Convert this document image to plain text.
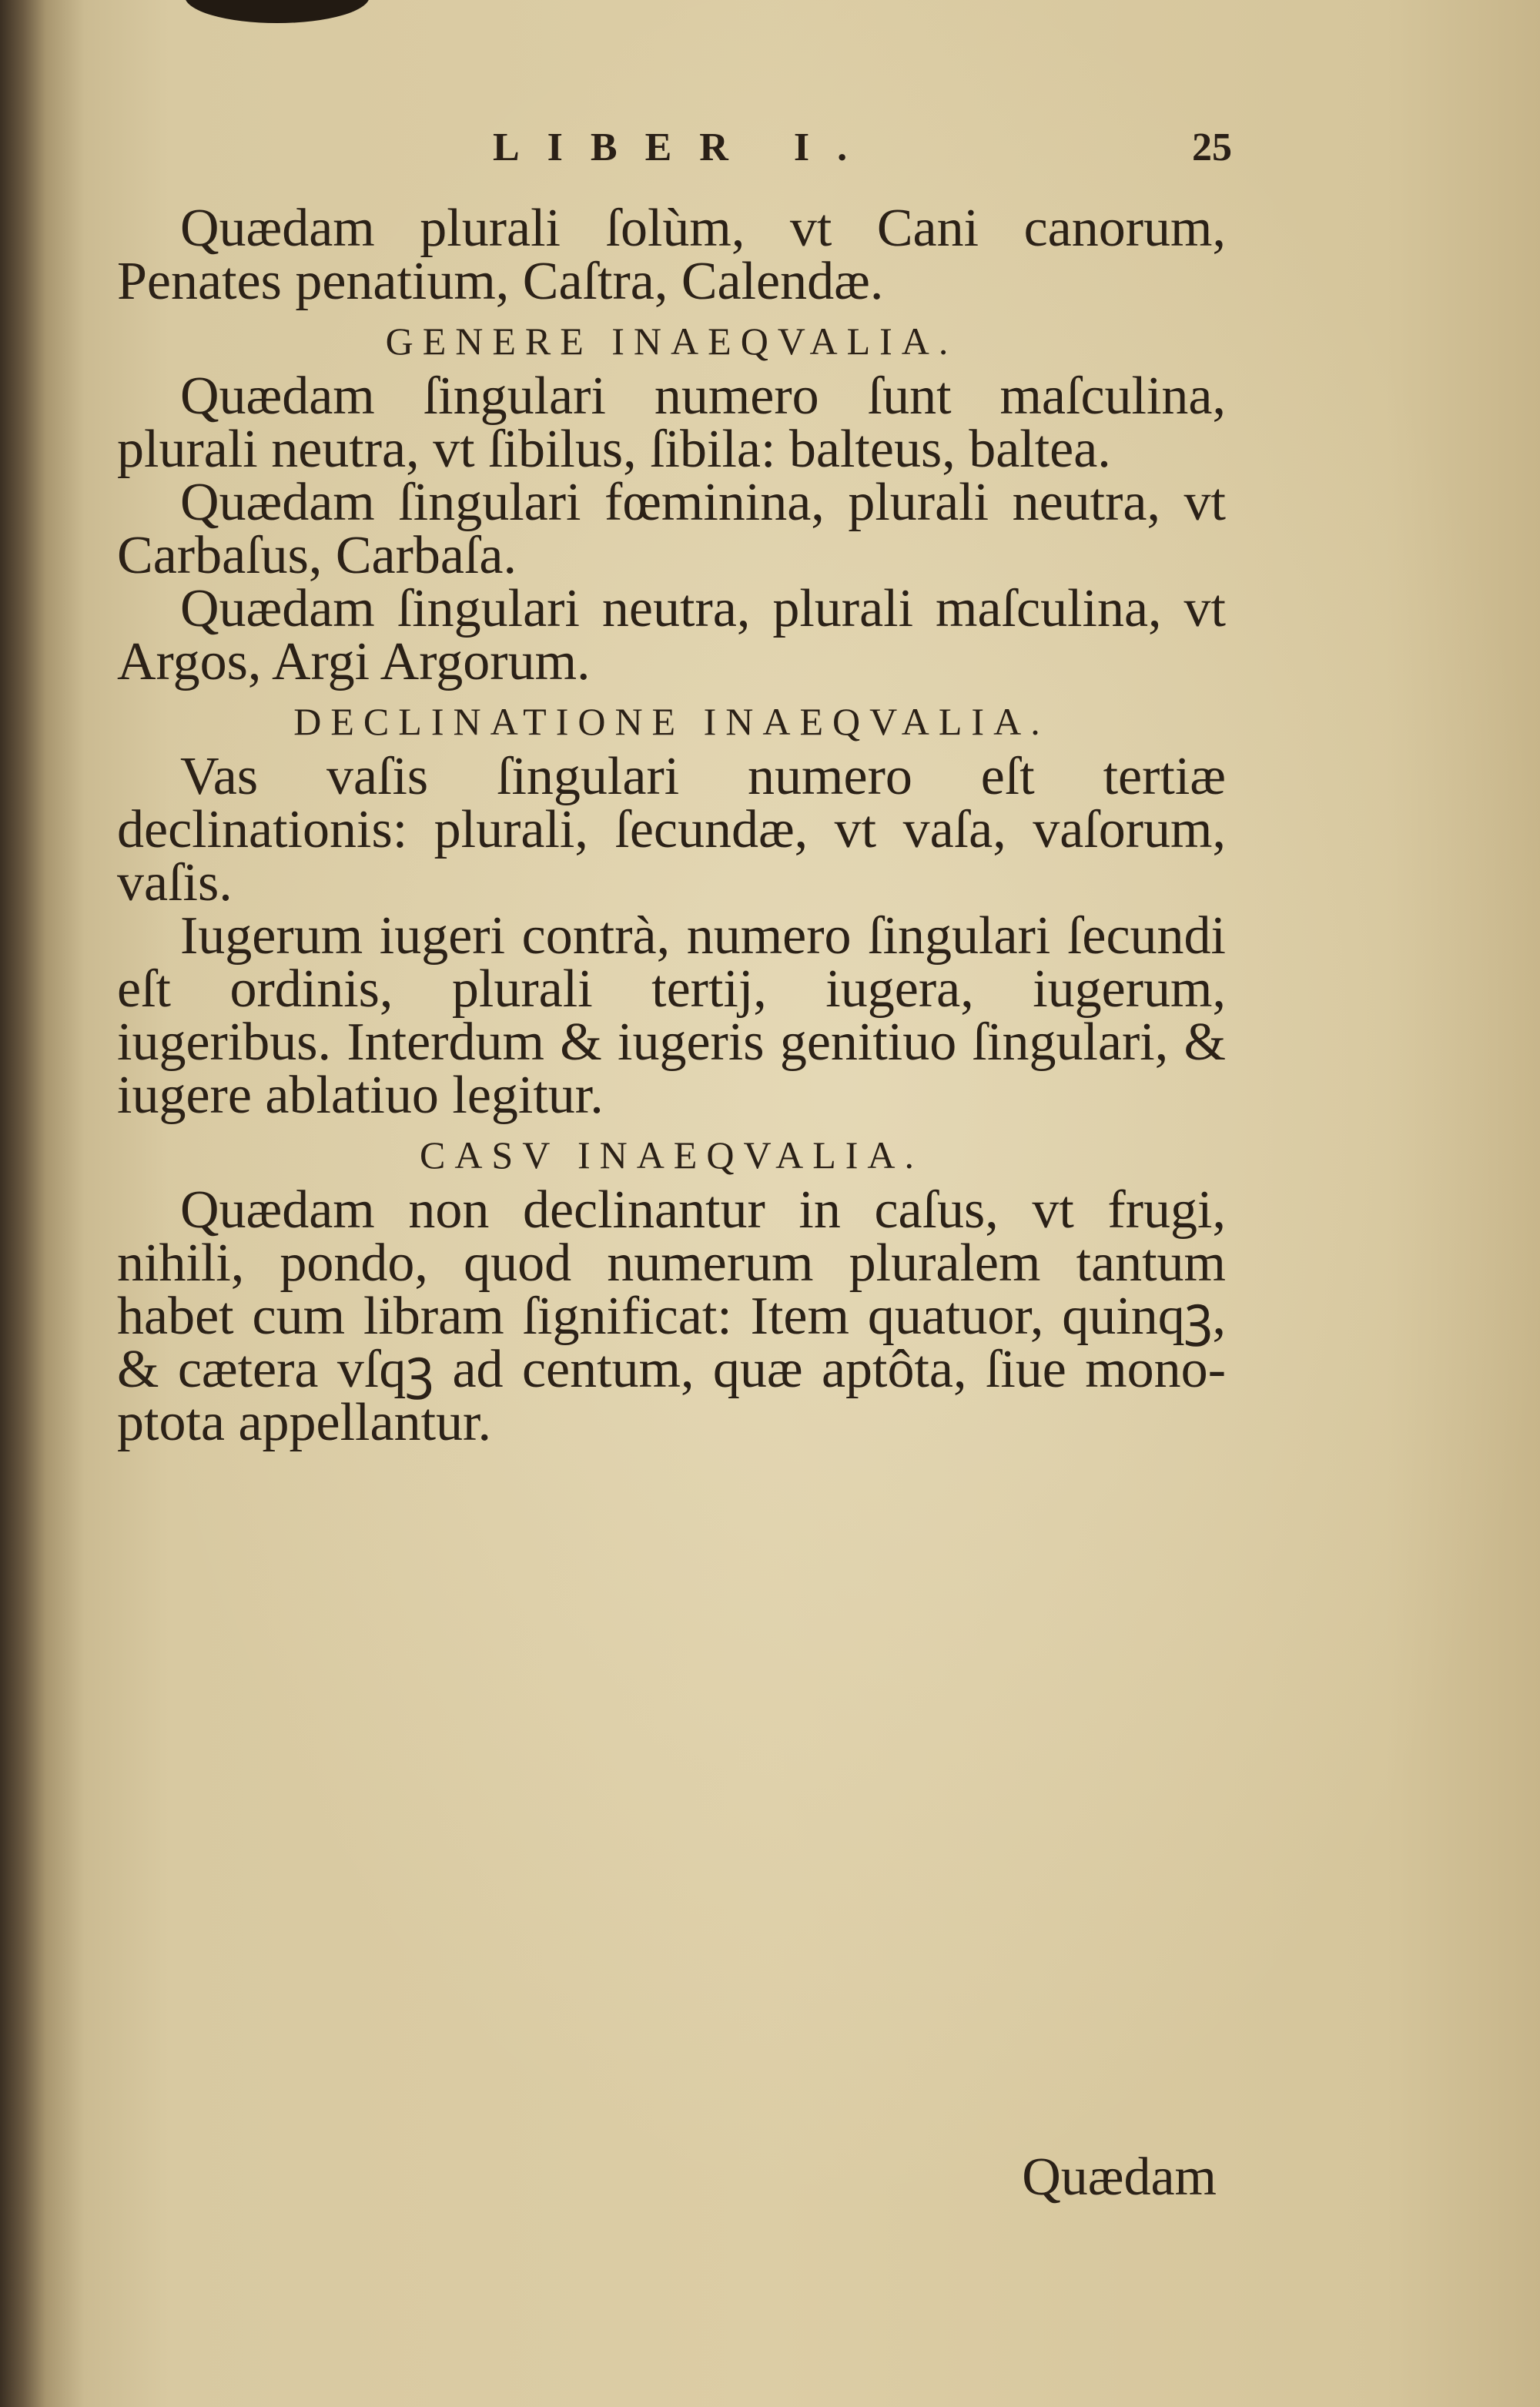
LIBER I.	25

Quædam plurali ſolùm, vt Cani canorum, Penates penatium, Caſtra, Calendæ.

GENERE INAEQVALIA.

Quædam ſingulari numero ſunt maſculina, plurali neutra, vt ſibilus, ſibila: balteus, baltea.

Quædam ſingulari fœminina, plurali neutra, vt Carbaſus, Carbaſa.

Quædam ſingulari neutra, plurali maſculina, vt Argos, Argi Argorum.

DECLINATIONE INAEQVALIA.

Vas vaſis ſingulari numero eſt tertiæ declinationis: plurali, ſecundæ, vt vaſa, vaſorum, vaſis.

Iugerum iugeri contrà, numero ſingulari ſecundi eſt ordinis, plurali tertij, iugera, iugerum, iugeribus. Interdum & iugeris genitiuo ſingulari, & iugere ablatiuo legitur.

CASV INAEQVALIA.

Quædam non declinantur in caſus, vt frugi, nihili, pondo, quod numerum pluralem tantum habet cum libram ſignificat: Item quatuor, quinqꝫ, & cætera vſqꝫ ad centum, quæ aptôta, ſiue monoptota appellantur.

Quædam
